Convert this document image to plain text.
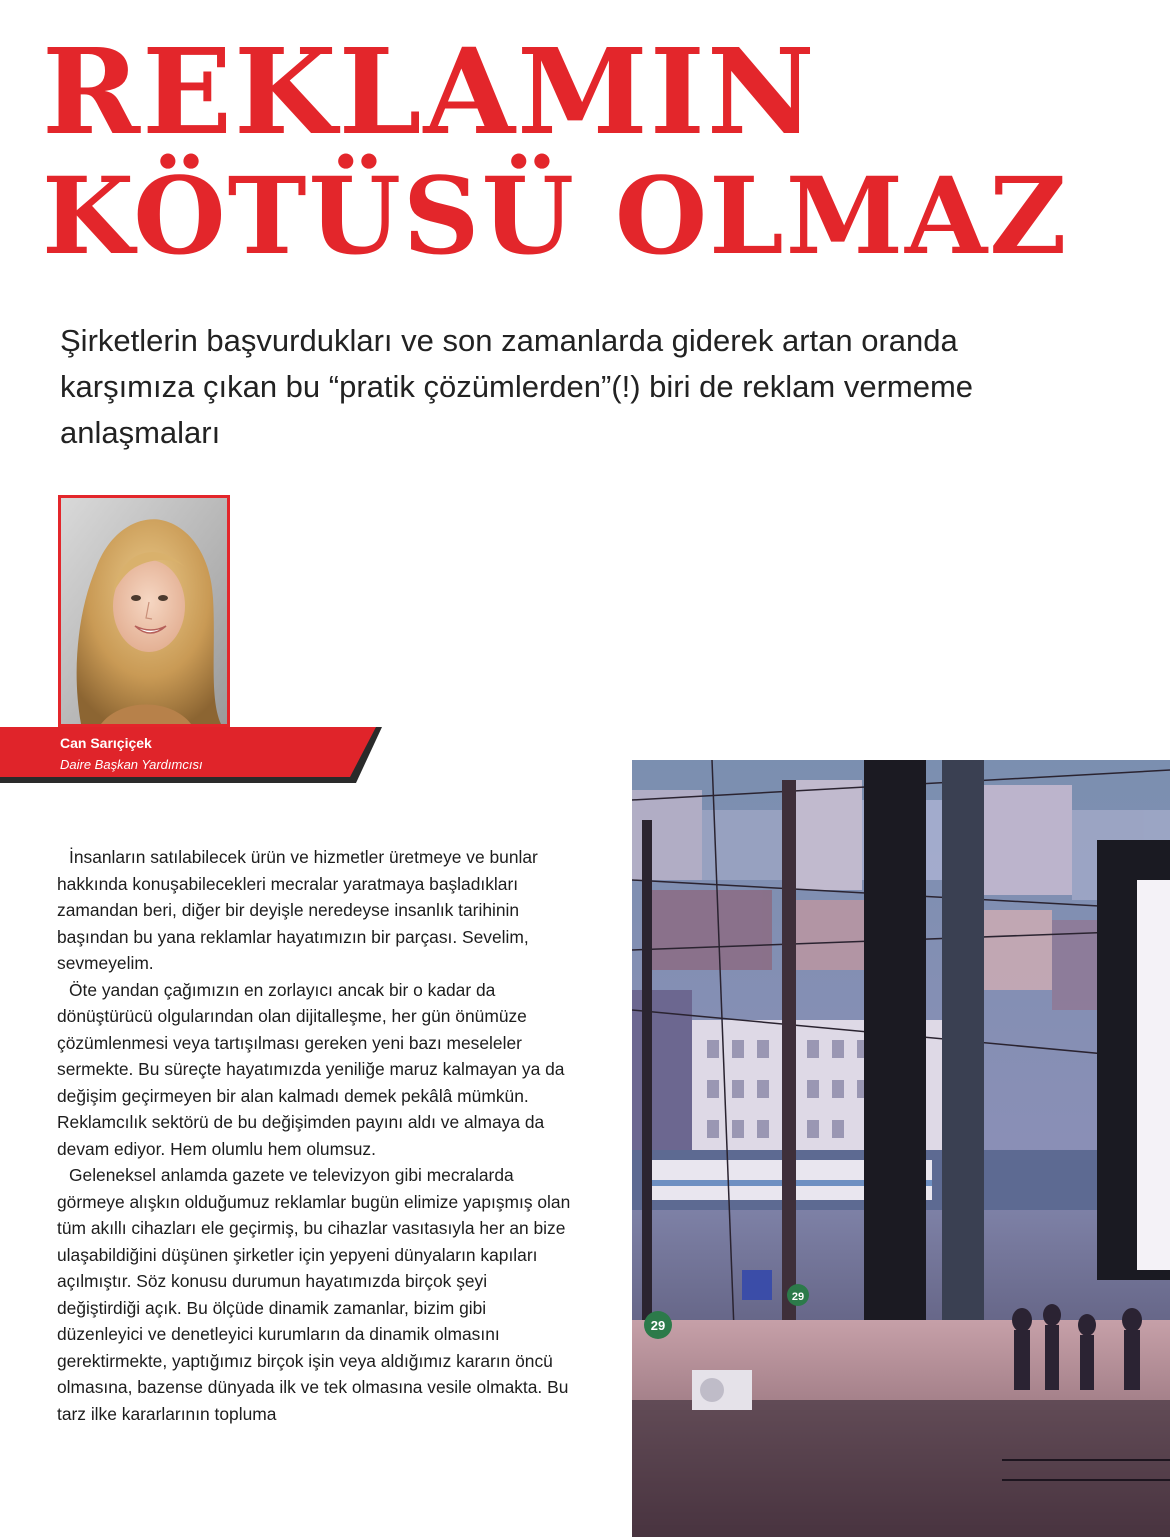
REKLAMIN
KÖTÜSÜ OLMAZ

Şirketlerin başvurdukları ve son zamanlarda giderek artan oranda karşımıza çıkan bu “pratik çözümlerden”(!) biri de reklam vermeme anlaşmaları

Can Sarıçiçek
Daire Başkan Yardımcısı

İnsanların satılabilecek ürün ve hizmetler üretmeye ve bunlar hakkında konuşabilecekleri mecralar yaratmaya başladıkları zamandan beri, diğer bir deyişle neredeyse insanlık tarihinin başından bu yana reklamlar hayatımızın bir parçası. Sevelim, sevmeyelim.

Öte yandan çağımızın en zorlayıcı ancak bir o kadar da dönüştürücü olgularından olan dijitalleşme, her gün önümüze çözümlenmesi veya tartışılması gereken yeni bazı meseleler sermekte. Bu süreçte hayatımızda yeniliğe maruz kalmayan ya da değişim geçirmeyen bir alan kalmadı demek pekâlâ mümkün. Reklamcılık sektörü de bu değişimden payını aldı ve almaya da devam ediyor. Hem olumlu hem olumsuz.

Geleneksel anlamda gazete ve televizyon gibi mecralarda görmeye alışkın olduğumuz reklamlar bugün elimize yapışmış olan tüm akıllı cihazları ele geçirmiş, bu cihazlar vasıtasıyla her an bize ulaşabildiğini düşünen şirketler için yepyeni dünyaların kapıları açılmıştır. Söz konusu durumun hayatımızda birçok şeyi değiştirdiği açık. Bu ölçüde dinamik zamanlar, bizim gibi düzenleyici ve denetleyici kurumların da dinamik olmasını gerektirmekte, yaptığımız birçok işin veya aldığımız kararın öncü olmasına, bazense dünyada ilk ve tek olmasına vesile olmakta. Bu tarz ilke kararlarının topluma

29
29
